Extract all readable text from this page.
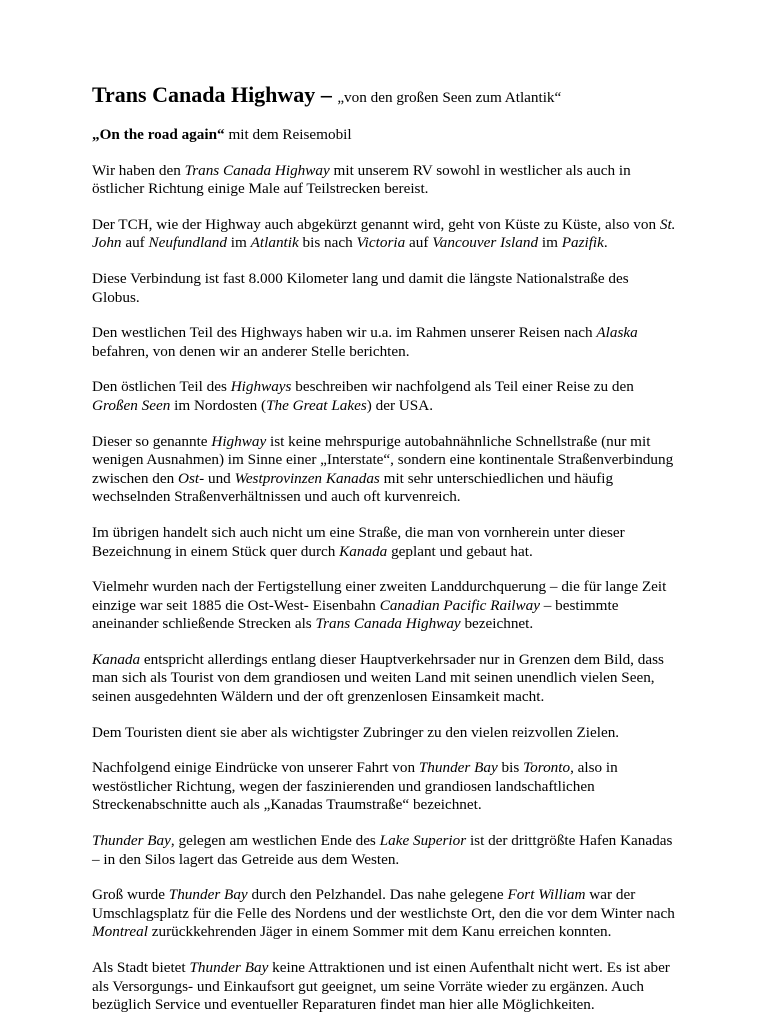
Trans Canada Highway – „von den großen Seen zum Atlantik“

„On the road again“ mit dem Reisemobil

Wir haben den Trans Canada Highway mit unserem RV sowohl in westlicher als auch in östlicher Richtung einige Male auf Teilstrecken bereist.

Der TCH, wie der Highway auch abgekürzt genannt wird, geht von Küste zu Küste, also von St. John auf Neufundland im Atlantik bis nach Victoria auf Vancouver Island im Pazifik.

Diese Verbindung ist fast 8.000 Kilometer lang und damit die längste Nationalstraße des Globus.

Den westlichen Teil des Highways haben wir u.a. im Rahmen unserer Reisen nach Alaska befahren, von denen wir an anderer Stelle berichten.

Den östlichen Teil des Highways beschreiben wir nachfolgend als Teil einer Reise zu den Großen Seen im Nordosten (The Great Lakes) der USA.

Dieser so genannte Highway ist keine mehrspurige autobahnähnliche Schnellstraße (nur mit wenigen Ausnahmen) im Sinne einer „Interstate“, sondern eine kontinentale Straßenverbindung zwischen den Ost- und Westprovinzen Kanadas mit sehr unterschiedlichen und häufig wechselnden Straßenverhältnissen und auch oft kurvenreich.

Im übrigen handelt sich auch nicht um eine Straße, die man von vornherein unter dieser Bezeichnung in einem Stück quer durch Kanada geplant und gebaut hat.

Vielmehr wurden nach der Fertigstellung einer zweiten Landdurchquerung – die für lange Zeit einzige war seit 1885 die Ost-West- Eisenbahn Canadian Pacific Railway – bestimmte aneinander schließende Strecken als Trans Canada Highway bezeichnet.

Kanada entspricht allerdings entlang dieser Hauptverkehrsader nur in Grenzen dem Bild, dass man sich als Tourist von dem grandiosen und weiten Land mit seinen unendlich vielen Seen, seinen ausgedehnten Wäldern und der oft grenzenlosen Einsamkeit macht.

Dem Touristen dient sie aber als wichtigster Zubringer zu den vielen reizvollen Zielen.

Nachfolgend einige Eindrücke von unserer Fahrt von Thunder Bay bis Toronto, also in westöstlicher Richtung, wegen der faszinierenden und grandiosen landschaftlichen Streckenabschnitte auch als „Kanadas Traumstraße“ bezeichnet.

Thunder Bay, gelegen am westlichen Ende des Lake Superior ist der drittgrößte Hafen Kanadas – in den Silos lagert das Getreide aus dem Westen.

Groß wurde Thunder Bay durch den Pelzhandel. Das nahe gelegene Fort William war der Umschlagsplatz für die Felle des Nordens und der westlichste Ort, den die vor dem Winter nach Montreal zurückkehrenden Jäger in einem Sommer mit dem Kanu erreichen konnten.

Als Stadt bietet Thunder Bay keine Attraktionen und ist einen Aufenthalt nicht wert. Es ist aber als Versorgungs- und Einkaufsort gut geeignet, um seine Vorräte wieder zu ergänzen. Auch bezüglich Service und eventueller Reparaturen findet man hier alle Möglichkeiten.
